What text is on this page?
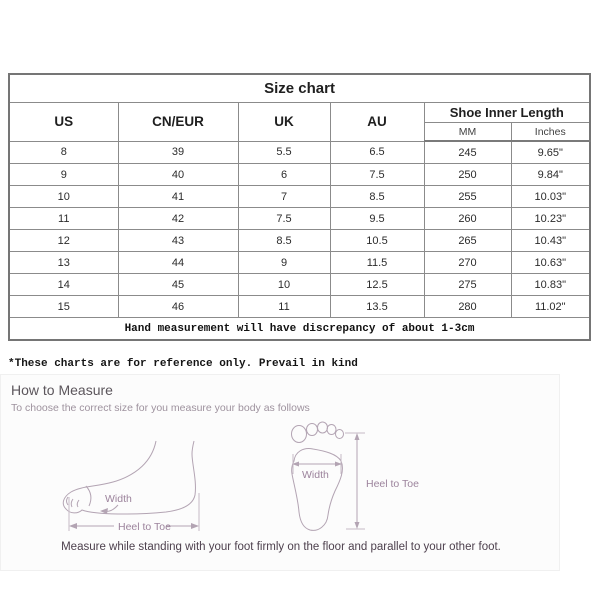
Size chart					
US	CN/EUR	UK	AU	Shoe Inner Length	
				MM	Inches
8	39	5.5	6.5	245	9.65"
9	40	6	7.5	250	9.84"
10	41	7	8.5	255	10.03"
11	42	7.5	9.5	260	10.23"
12	43	8.5	10.5	265	10.43"
13	44	9	11.5	270	10.63"
14	45	10	12.5	275	10.83"
15	46	11	13.5	280	11.02"
Hand measurement will have discrepancy of about 1-3cm					
*These charts are for reference only. Prevail in kind
How to Measure
To choose the correct size for you measure your body as follows
Width
Heel to Toe
Width
Heel to Toe
Measure while standing with your foot firmly on the floor and parallel to your other foot.
